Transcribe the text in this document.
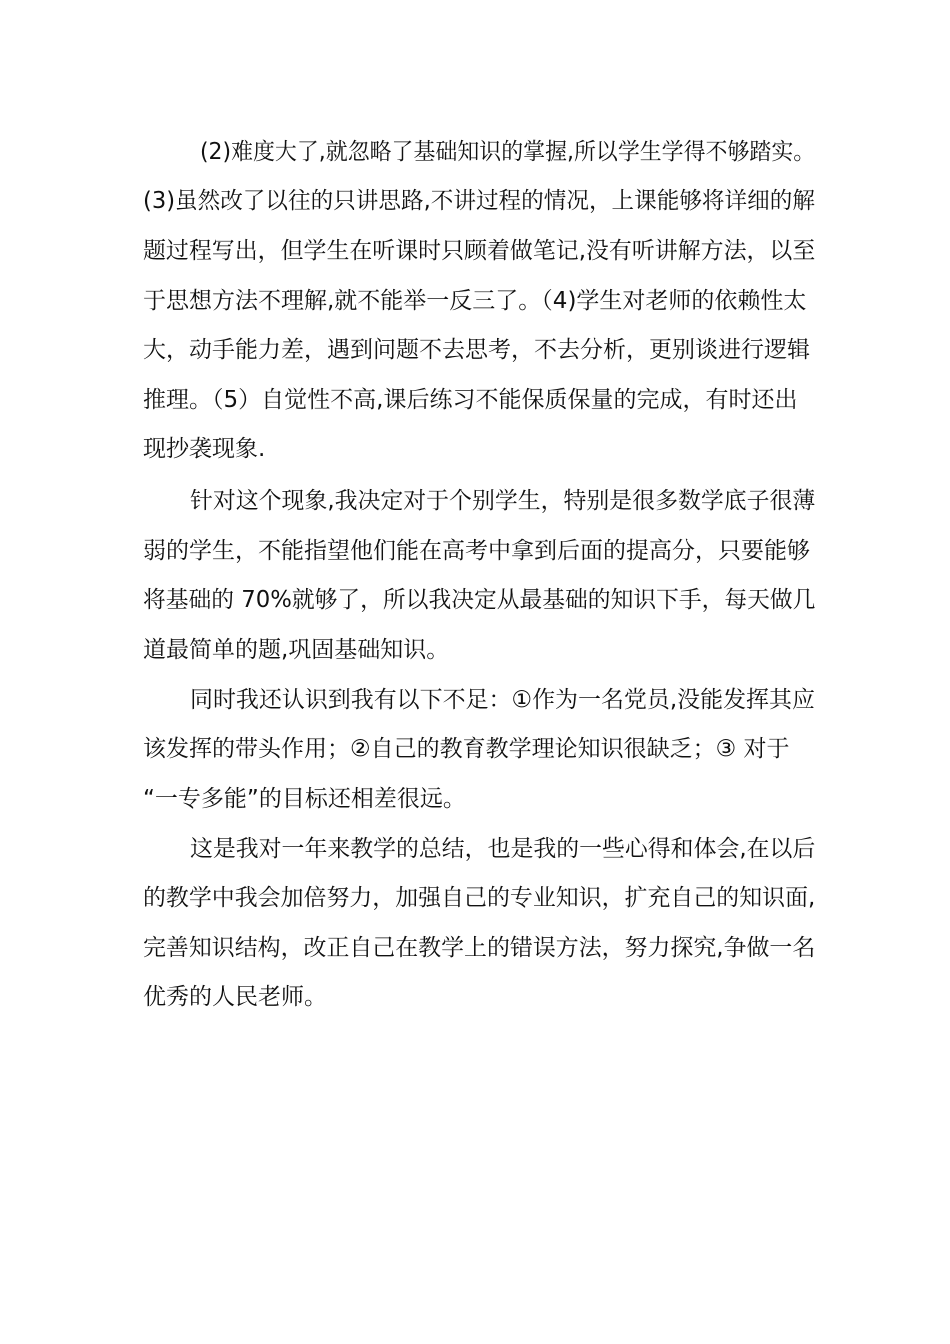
(2)难度大了,就忽略了基础知识的掌握,所以学生学得不够踏实。

(3)虽然改了以往的只讲思路,不讲过程的情况，上课能够将详细的解

题过程写出，但学生在听课时只顾着做笔记,没有听讲解方法，以至

于思想方法不理解,就不能举一反三了。（4)学生对老师的依赖性太

大，动手能力差，遇到问题不去思考，不去分析，更别谈进行逻辑

推理。（5）自觉性不高,课后练习不能保质保量的完成，有时还出

现抄袭现象.

针对这个现象,我决定对于个别学生，特别是很多数学底子很薄

弱的学生，不能指望他们能在高考中拿到后面的提高分，只要能够

将基础的 70%就够了，所以我决定从最基础的知识下手，每天做几

道最简单的题,巩固基础知识。

同时我还认识到我有以下不足：①作为一名党员,没能发挥其应

该发挥的带头作用；②自己的教育教学理论知识很缺乏；③ 对于

“一专多能”的目标还相差很远。

这是我对一年来教学的总结，也是我的一些心得和体会,在以后

的教学中我会加倍努力，加强自己的专业知识，扩充自己的知识面,

完善知识结构，改正自己在教学上的错误方法，努力探究,争做一名

优秀的人民老师。
